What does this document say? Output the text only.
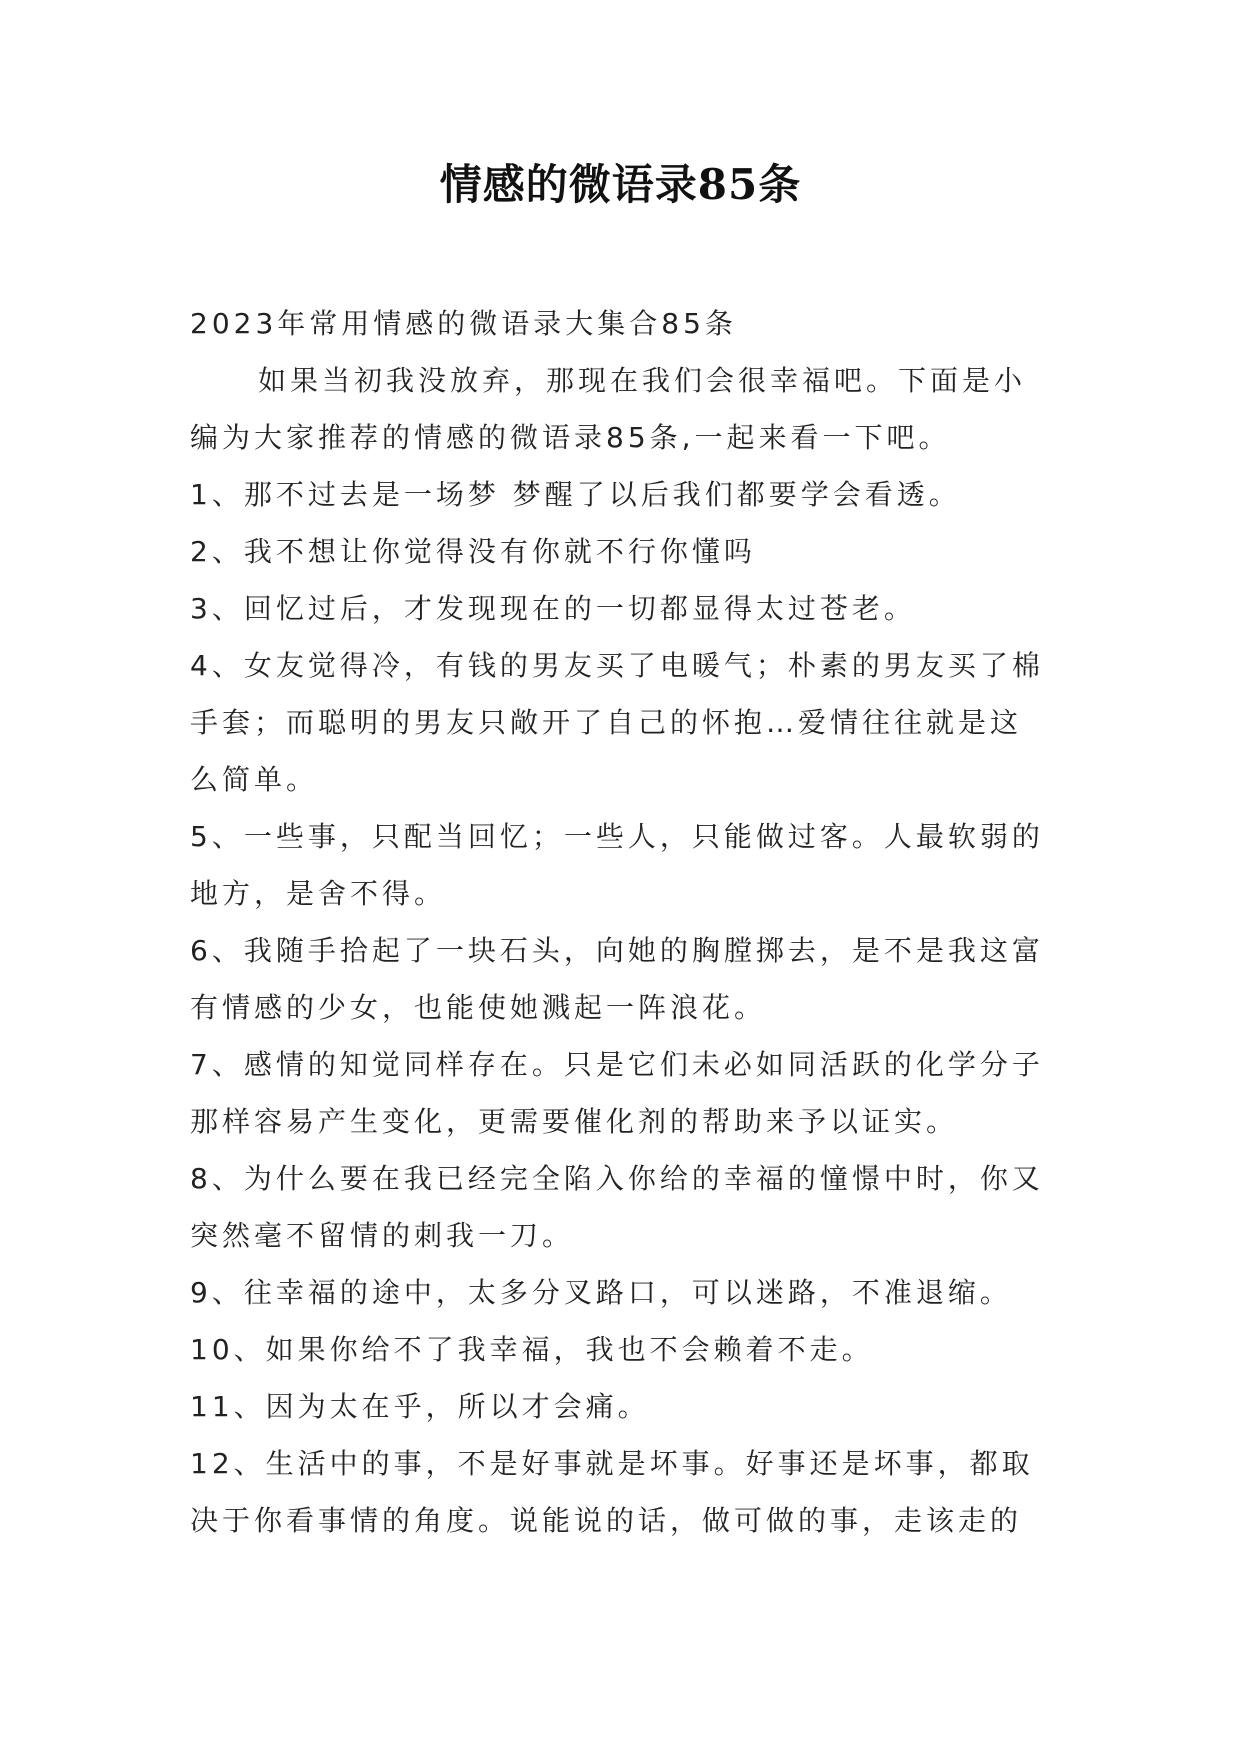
情感的微语录85条

2023年常用情感的微语录大集合85条

如果当初我没放弃，那现在我们会很幸福吧。下面是小编为大家推荐的情感的微语录85条,一起来看一下吧。

1、那不过去是一场梦 梦醒了以后我们都要学会看透。

2、我不想让你觉得没有你就不行你懂吗

3、回忆过后，才发现现在的一切都显得太过苍老。

4、女友觉得冷，有钱的男友买了电暖气；朴素的男友买了棉手套；而聪明的男友只敞开了自己的怀抱…爱情往往就是这么简单。

5、一些事，只配当回忆；一些人，只能做过客。人最软弱的地方，是舍不得。

6、我随手拾起了一块石头，向她的胸膛掷去，是不是我这富有情感的少女，也能使她溅起一阵浪花。

7、感情的知觉同样存在。只是它们未必如同活跃的化学分子那样容易产生变化，更需要催化剂的帮助来予以证实。

8、为什么要在我已经完全陷入你给的幸福的憧憬中时，你又突然毫不留情的刺我一刀。

9、往幸福的途中，太多分叉路口，可以迷路，不准退缩。

10、如果你给不了我幸福，我也不会赖着不走。

11、因为太在乎，所以才会痛。

12、生活中的事，不是好事就是坏事。好事还是坏事，都取决于你看事情的角度。说能说的话，做可做的事，走该走的
